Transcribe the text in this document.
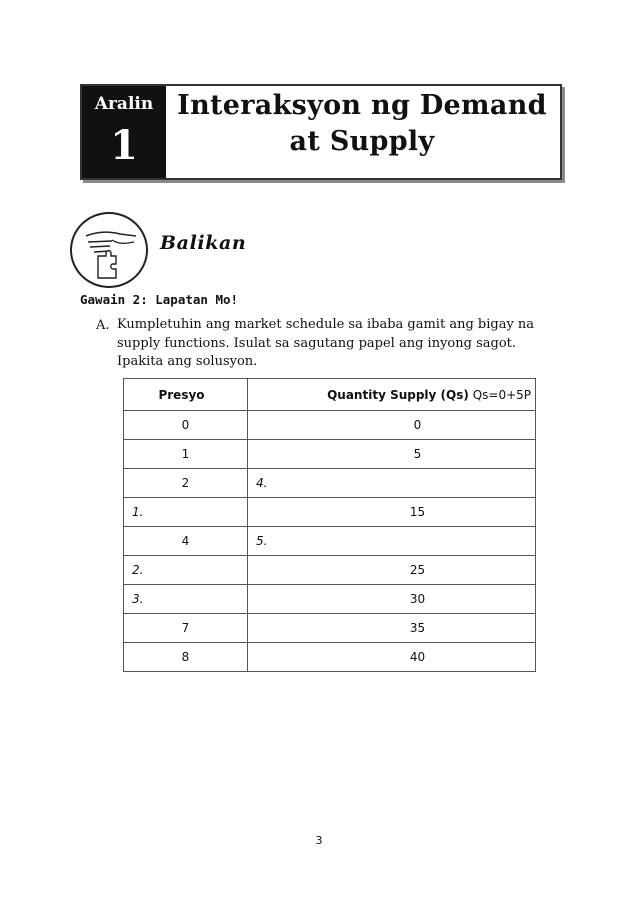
Aralin
1
Interaksyon ng Demand
at Supply
Balikan
Gawain 2: Lapatan Mo!
A. Kumpletuhin ang market schedule sa ibaba gamit ang bigay na
supply functions. Isulat sa sagutang papel ang inyong sagot.
Ipakita ang solusyon.
Presyo	Quantity Supply (Qs) Qs=0+5P
0	0
1	5
2	4.
1.	15
4	5.
2.	25
3.	30
7	35
8	40
3
